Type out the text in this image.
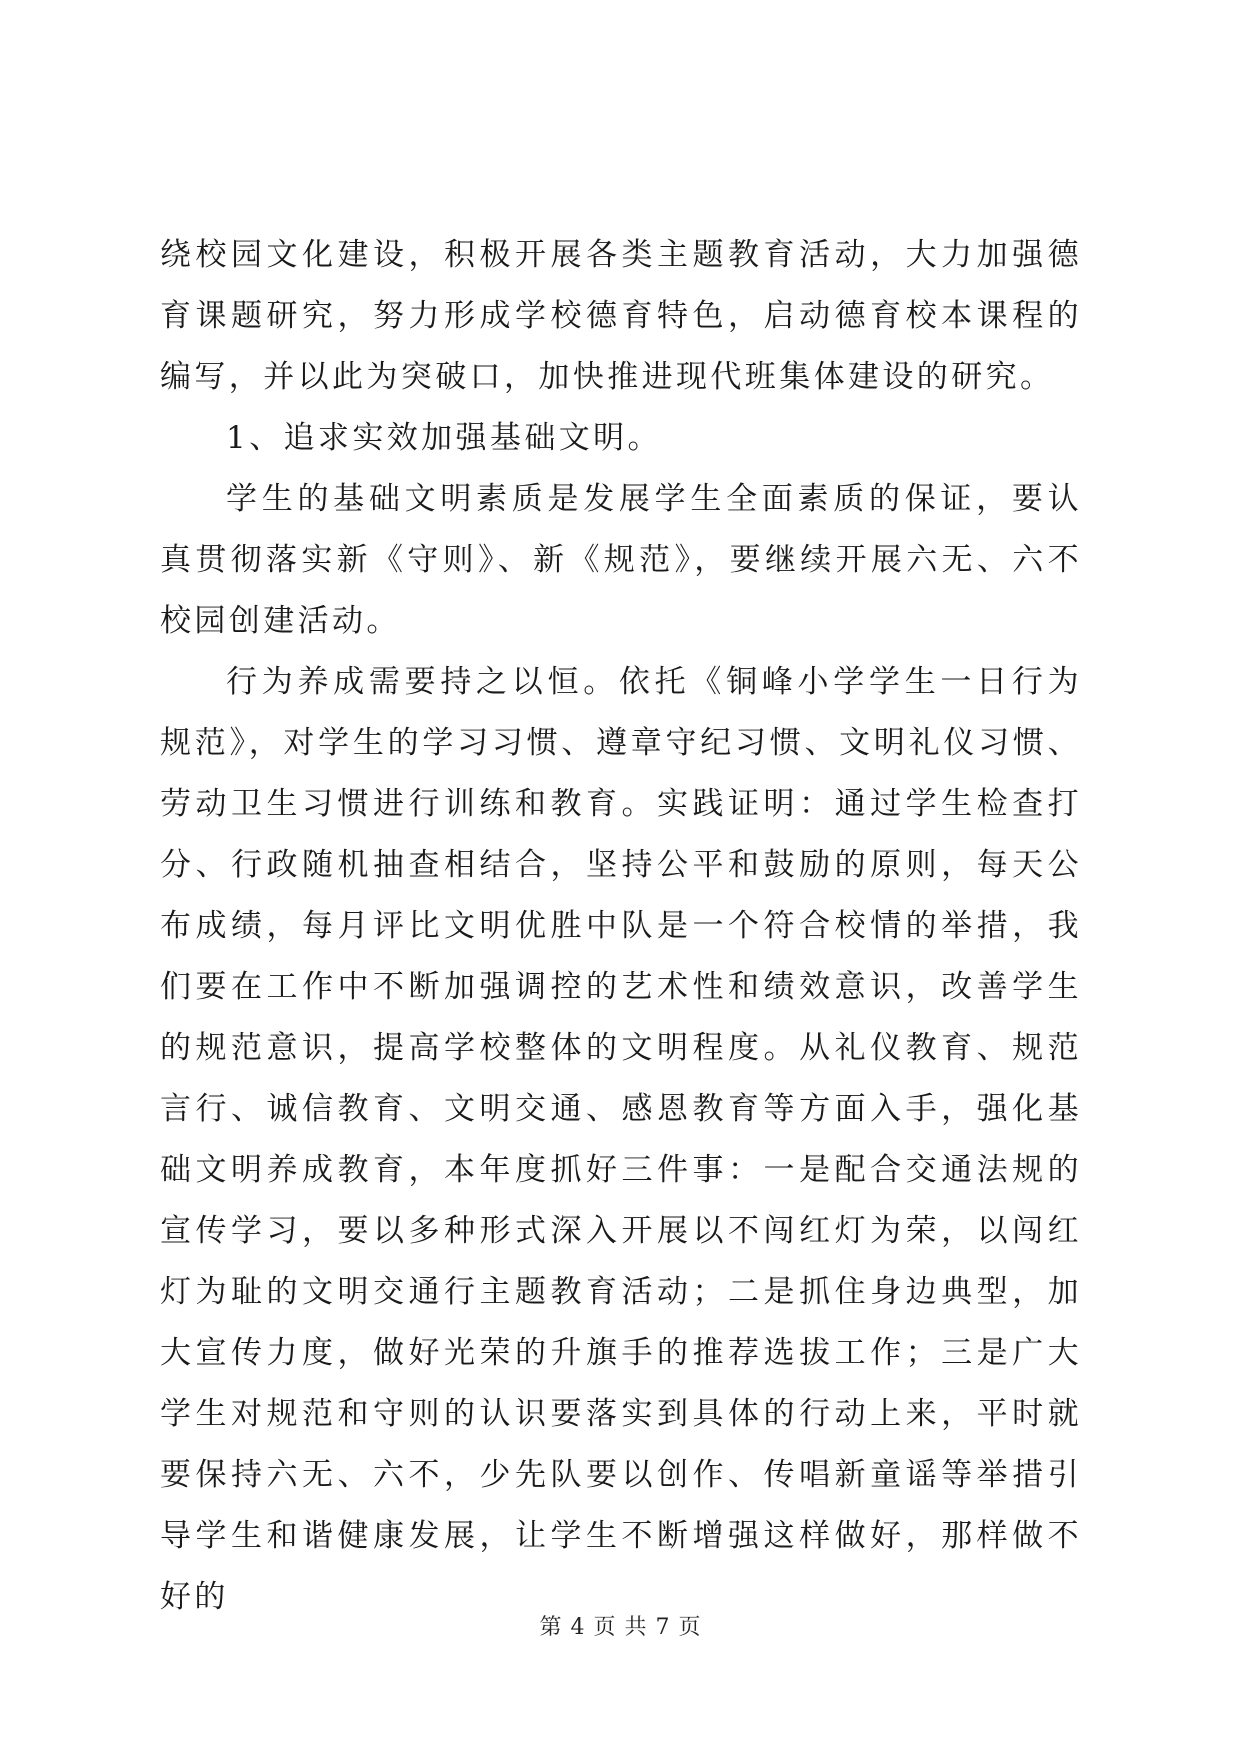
绕校园文化建设，积极开展各类主题教育活动，大力加强德育课题研究，努力形成学校德育特色，启动德育校本课程的编写，并以此为突破口，加快推进现代班集体建设的研究。

1、追求实效加强基础文明。

学生的基础文明素质是发展学生全面素质的保证，要认真贯彻落实新《守则》、新《规范》，要继续开展六无、六不校园创建活动。

行为养成需要持之以恒。依托《铜峰小学学生一日行为规范》，对学生的学习习惯、遵章守纪习惯、文明礼仪习惯、劳动卫生习惯进行训练和教育。实践证明：通过学生检查打分、行政随机抽查相结合，坚持公平和鼓励的原则，每天公布成绩，每月评比文明优胜中队是一个符合校情的举措，我们要在工作中不断加强调控的艺术性和绩效意识，改善学生的规范意识，提高学校整体的文明程度。从礼仪教育、规范言行、诚信教育、文明交通、感恩教育等方面入手，强化基础文明养成教育，本年度抓好三件事：一是配合交通法规的宣传学习，要以多种形式深入开展以不闯红灯为荣，以闯红灯为耻的文明交通行主题教育活动；二是抓住身边典型，加大宣传力度，做好光荣的升旗手的推荐选拔工作；三是广大学生对规范和守则的认识要落实到具体的行动上来，平时就要保持六无、六不，少先队要以创作、传唱新童谣等举措引导学生和谐健康发展，让学生不断增强这样做好，那样做不好的

第 4 页 共 7 页
